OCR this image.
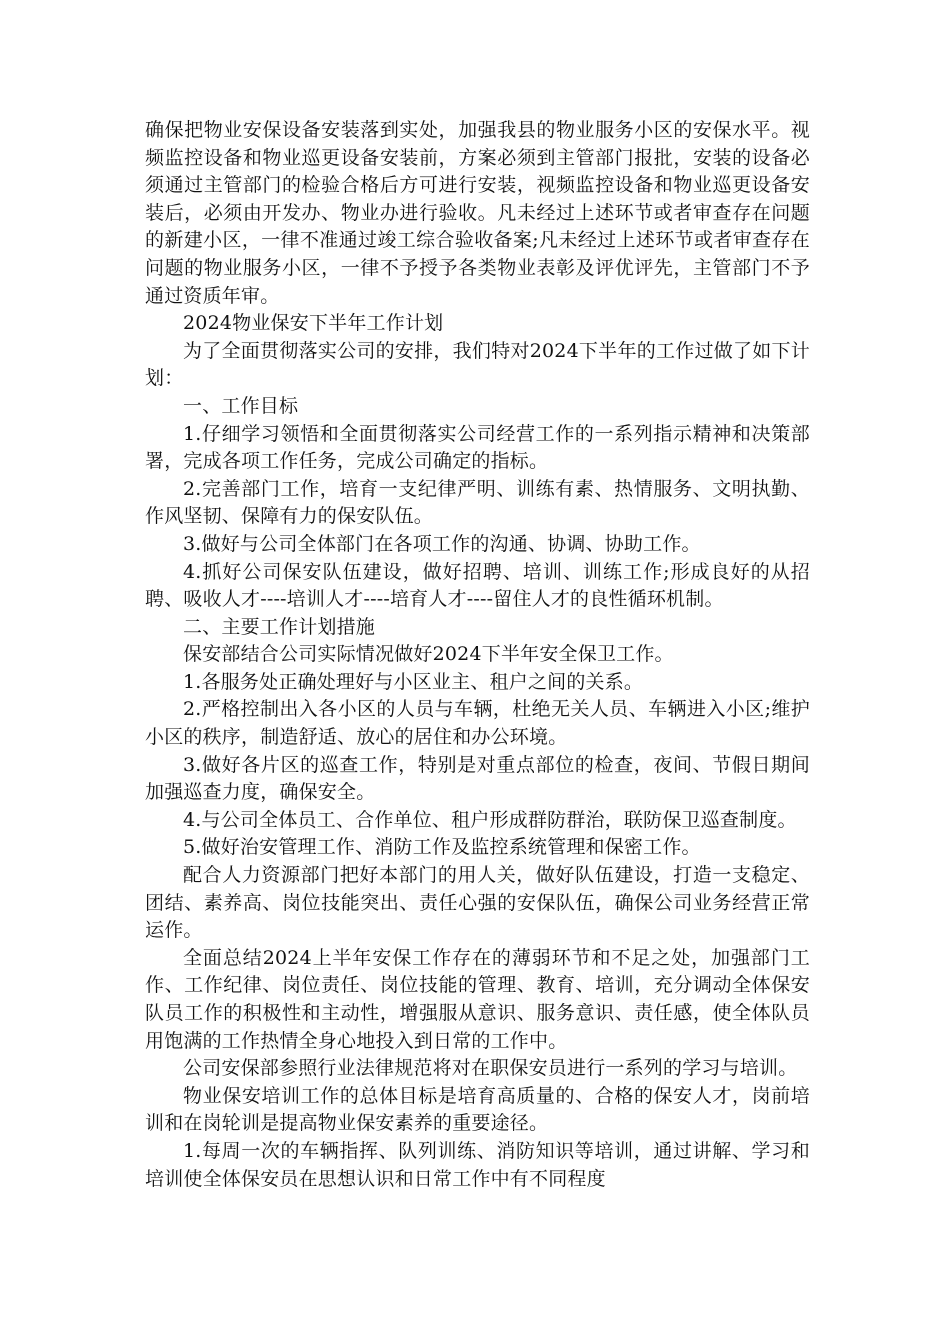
确保把物业安保设备安装落到实处，加强我县的物业服务小区的安保水平。视频监控设备和物业巡更设备安装前，方案必须到主管部门报批，安装的设备必须通过主管部门的检验合格后方可进行安装，视频监控设备和物业巡更设备安装后，必须由开发办、物业办进行验收。凡未经过上述环节或者审查存在问题的新建小区，一律不准通过竣工综合验收备案;凡未经过上述环节或者审查存在问题的物业服务小区，一律不予授予各类物业表彰及评优评先，主管部门不予通过资质年审。

2024物业保安下半年工作计划

为了全面贯彻落实公司的安排，我们特对2024下半年的工作过做了如下计划：

一、工作目标

1.仔细学习领悟和全面贯彻落实公司经营工作的一系列指示精神和决策部署，完成各项工作任务，完成公司确定的指标。

2.完善部门工作，培育一支纪律严明、训练有素、热情服务、文明执勤、作风坚韧、保障有力的保安队伍。

3.做好与公司全体部门在各项工作的沟通、协调、协助工作。

4.抓好公司保安队伍建设，做好招聘、培训、训练工作;形成良好的从招聘、吸收人才----培训人才----培育人才----留住人才的良性循环机制。

二、主要工作计划措施

保安部结合公司实际情况做好2024下半年安全保卫工作。

1.各服务处正确处理好与小区业主、租户之间的关系。

2.严格控制出入各小区的人员与车辆，杜绝无关人员、车辆进入小区;维护小区的秩序，制造舒适、放心的居住和办公环境。

3.做好各片区的巡查工作，特别是对重点部位的检查，夜间、节假日期间加强巡查力度，确保安全。

4.与公司全体员工、合作单位、租户形成群防群治，联防保卫巡查制度。

5.做好治安管理工作、消防工作及监控系统管理和保密工作。

配合人力资源部门把好本部门的用人关，做好队伍建设，打造一支稳定、团结、素养高、岗位技能突出、责任心强的安保队伍，确保公司业务经营正常运作。

全面总结2024上半年安保工作存在的薄弱环节和不足之处，加强部门工作、工作纪律、岗位责任、岗位技能的管理、教育、培训，充分调动全体保安队员工作的积极性和主动性，增强服从意识、服务意识、责任感，使全体队员用饱满的工作热情全身心地投入到日常的工作中。

公司安保部参照行业法律规范将对在职保安员进行一系列的学习与培训。

物业保安培训工作的总体目标是培育高质量的、合格的保安人才，岗前培训和在岗轮训是提高物业保安素养的重要途径。

1.每周一次的车辆指挥、队列训练、消防知识等培训，通过讲解、学习和培训使全体保安员在思想认识和日常工作中有不同程度
